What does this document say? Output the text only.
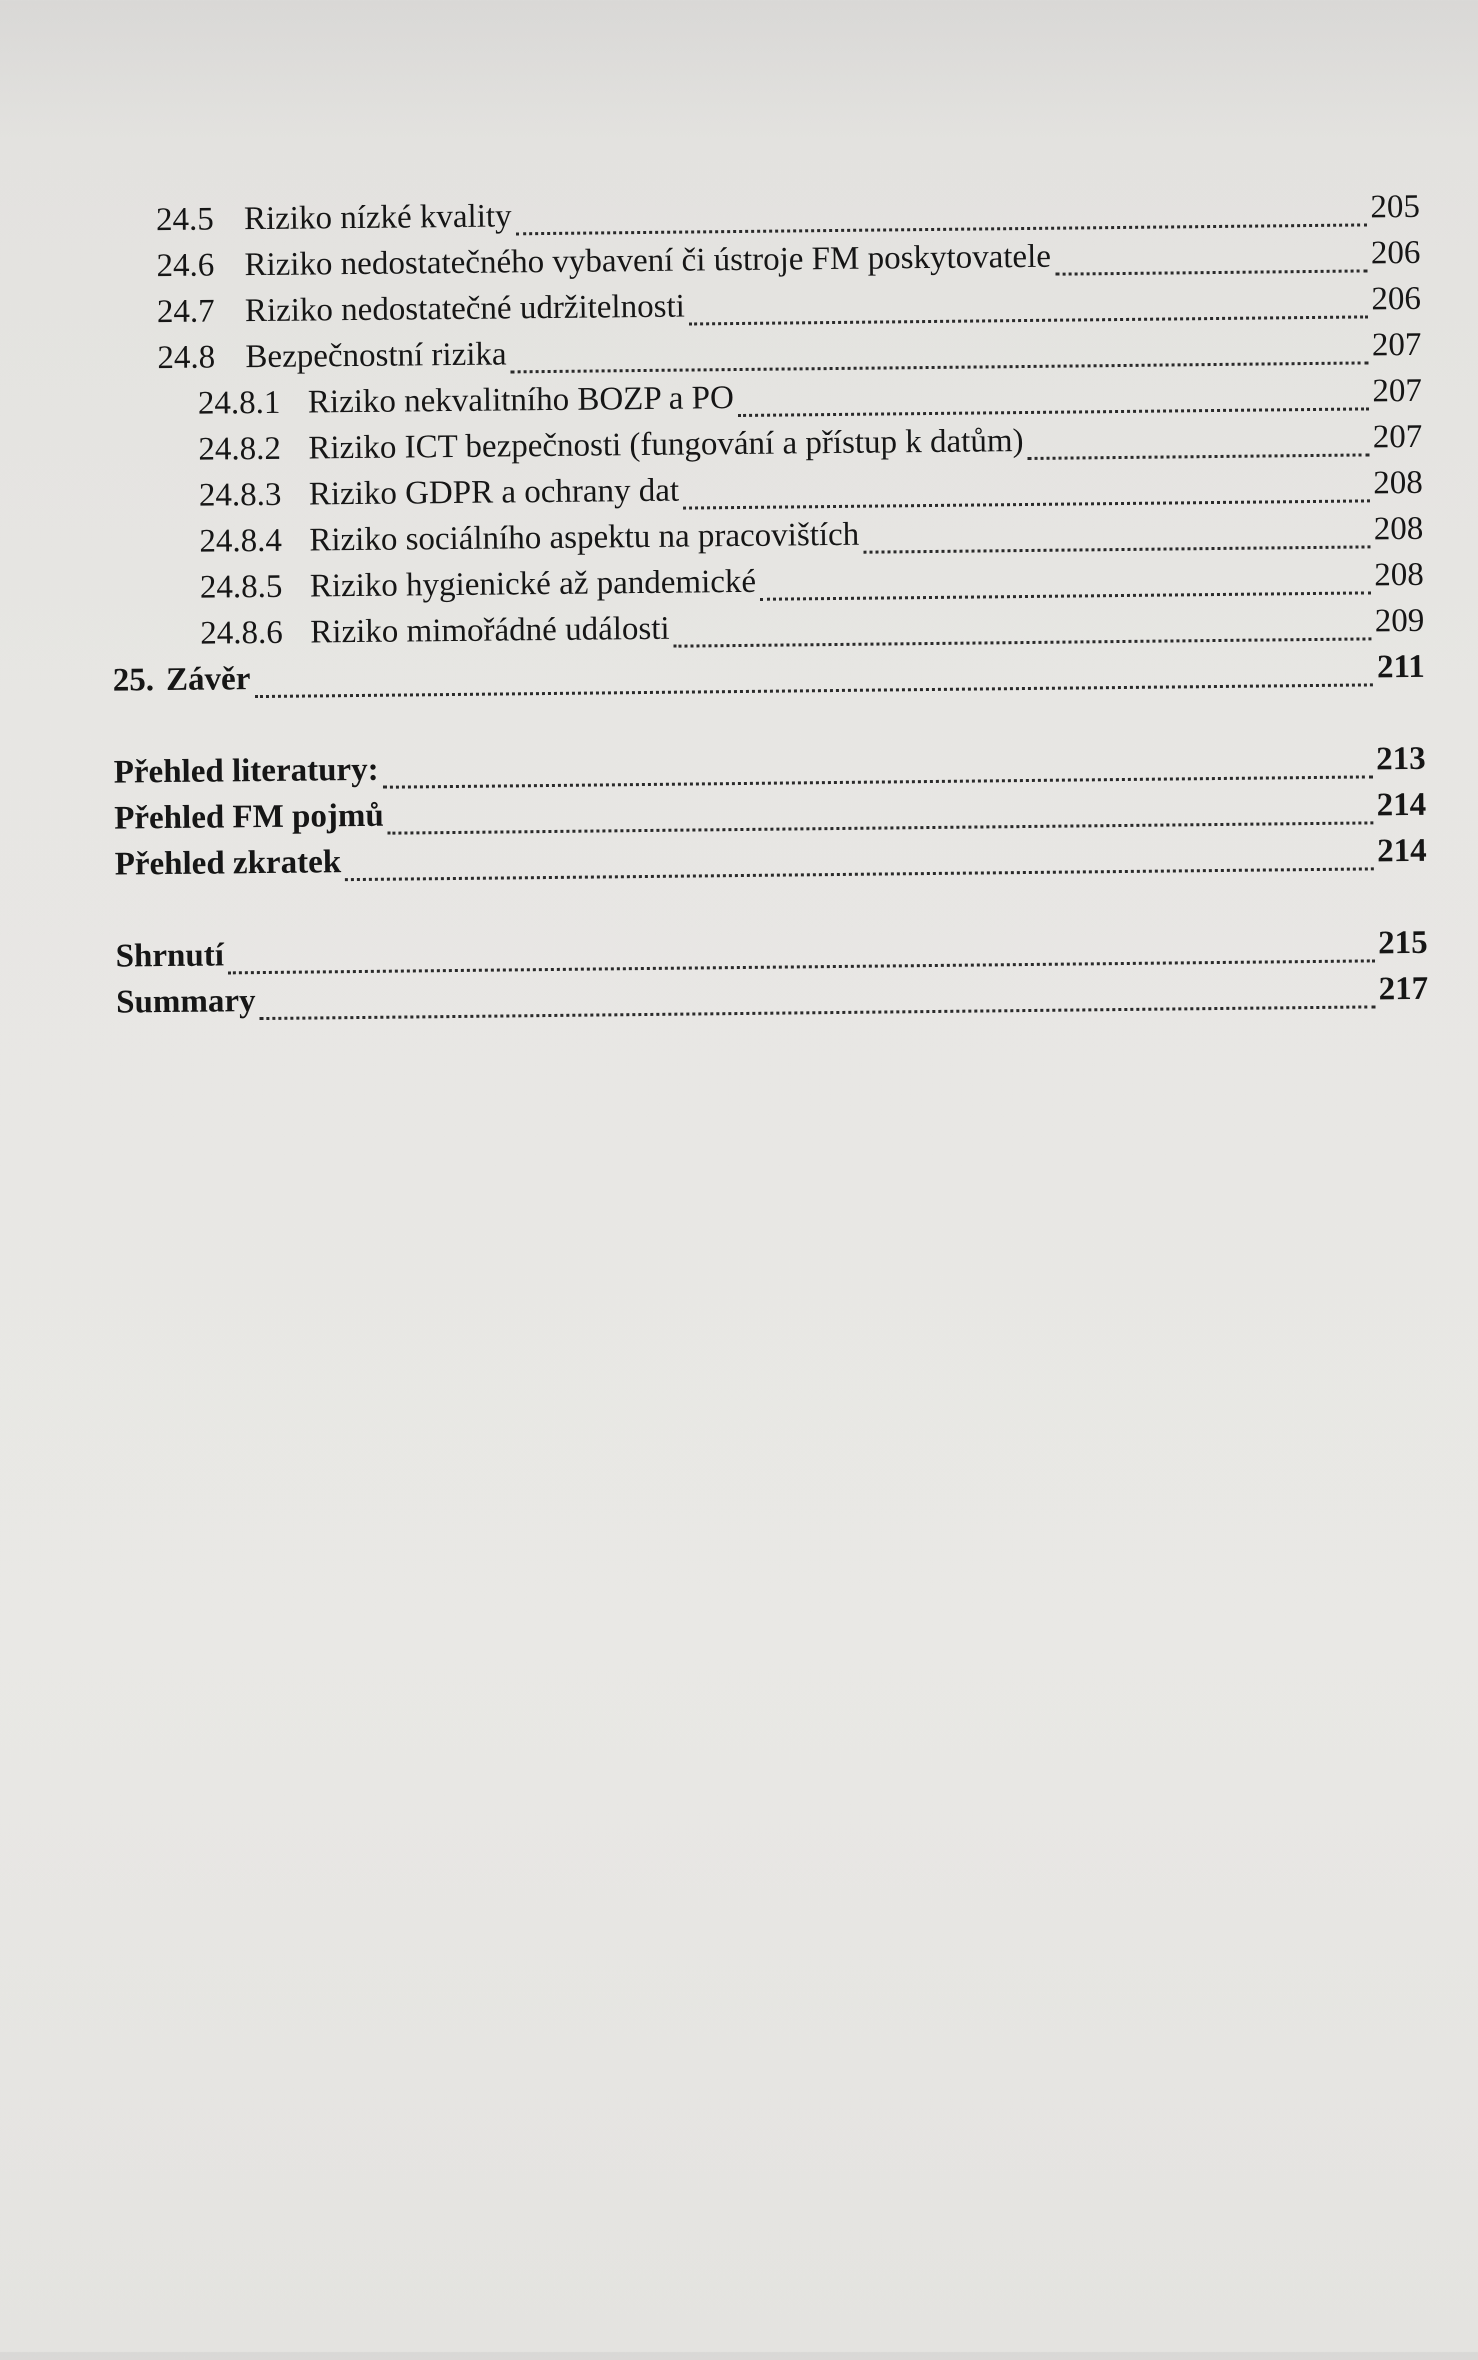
24.5 Riziko nízké kvality	205
24.6 Riziko nedostatečného vybavení či ústroje FM poskytovatele	206
24.7 Riziko nedostatečné udržitelnosti	206
24.8 Bezpečnostní rizika	207
24.8.1 Riziko nekvalitního BOZP a PO	207
24.8.2 Riziko ICT bezpečnosti (fungování a přístup k datům)	207
24.8.3 Riziko GDPR a ochrany dat	208
24.8.4 Riziko sociálního aspektu na pracovištích	208
24.8.5 Riziko hygienické až pandemické	208
24.8.6 Riziko mimořádné události	209
25. Závěr	211
Přehled literatury:	213
Přehled FM pojmů	214
Přehled zkratek	214
Shrnutí	215
Summary	217
